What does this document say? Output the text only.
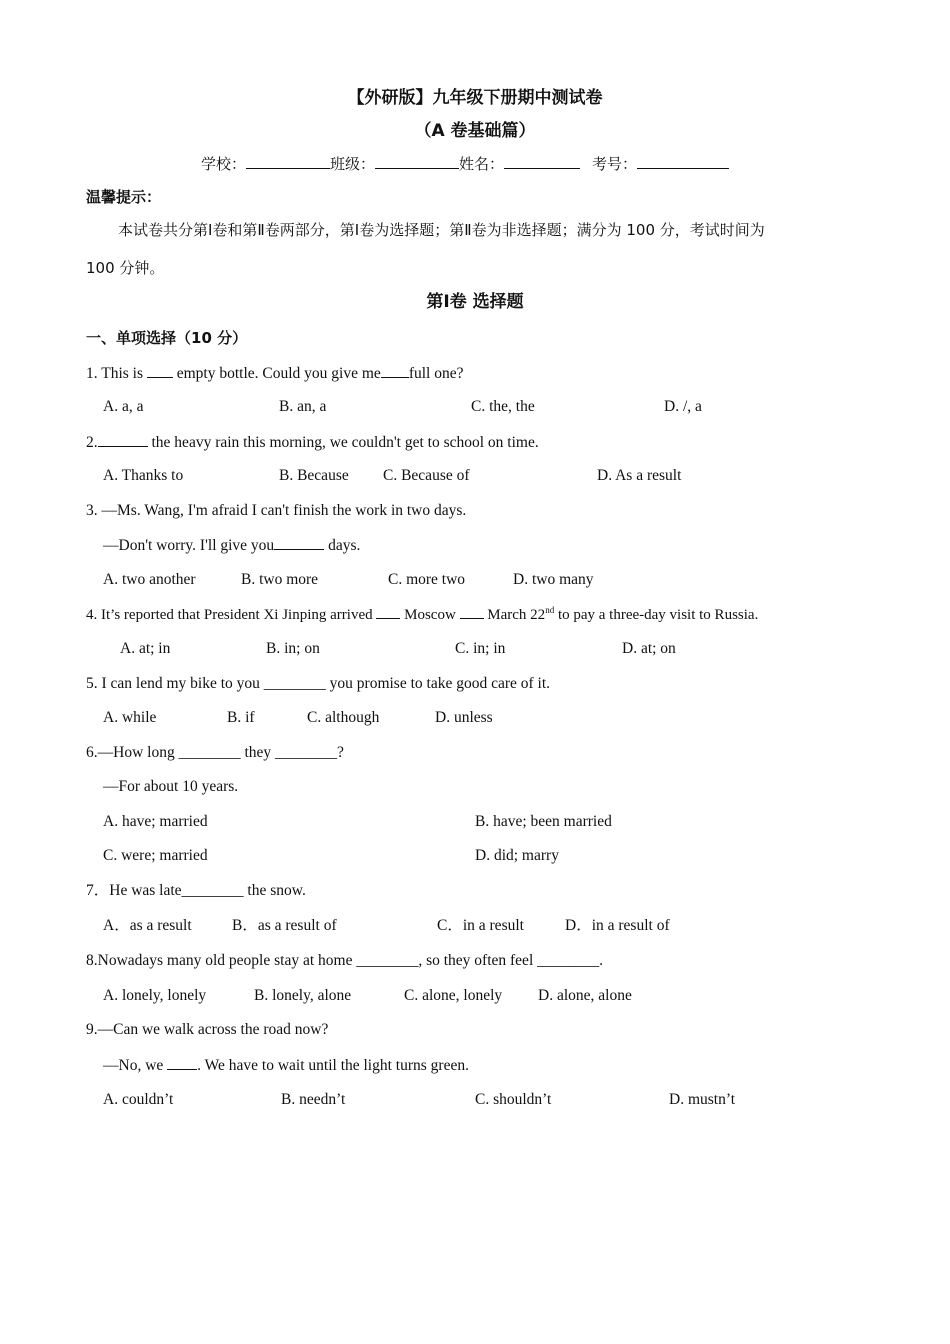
【外研版】九年级下册期中测试卷
（A 卷基础篇）
学校：	班级：	姓名：	考号：
温馨提示：
本试卷共分第Ⅰ卷和第Ⅱ卷两部分，第Ⅰ卷为选择题；第Ⅱ卷为非选择题；满分为 100 分，考试时间为
100 分钟。
第Ⅰ卷 选择题
一、单项选择（10 分）
1. This is  empty bottle. Could you give me full one?
A. a, a	B. an, a	C. the, the	D. /, a
2.	the heavy rain this morning, we couldn't get to school on time.
A. Thanks to	B. Because C. Because of	D. As a result
3. —Ms. Wang, I'm afraid I can't finish the work in two days.
—Don't worry. I'll give you	days.
A. two another	B. two more	C. more two	D. two many
4. It’s reported that President Xi Jinping arrived  Moscow  March 22nd to pay a three-day visit to Russia.
A. at; in	B. in; on	C. in; in	D. at; on
5. I can lend my bike to you ________ you promise to take good care of it.
A. while	B. if	C. although	D. unless
6.—How long ________ they ________?
—For about 10 years.
A. have; married	B. have; been married
C. were; married	D. did; marry
7．He was late________ the snow.
A．as a result	B．as a result of	C．in a result	D．in a result of
8.Nowadays many old people stay at home ________, so they often feel ________.
A. lonely, lonely	B. lonely, alone	C. alone, lonely D. alone, alone
9.—Can we walk across the road now?
—No, we . We have to wait until the light turns green.
A. couldn’t	B. needn’t	C. shouldn’t	D. mustn’t
